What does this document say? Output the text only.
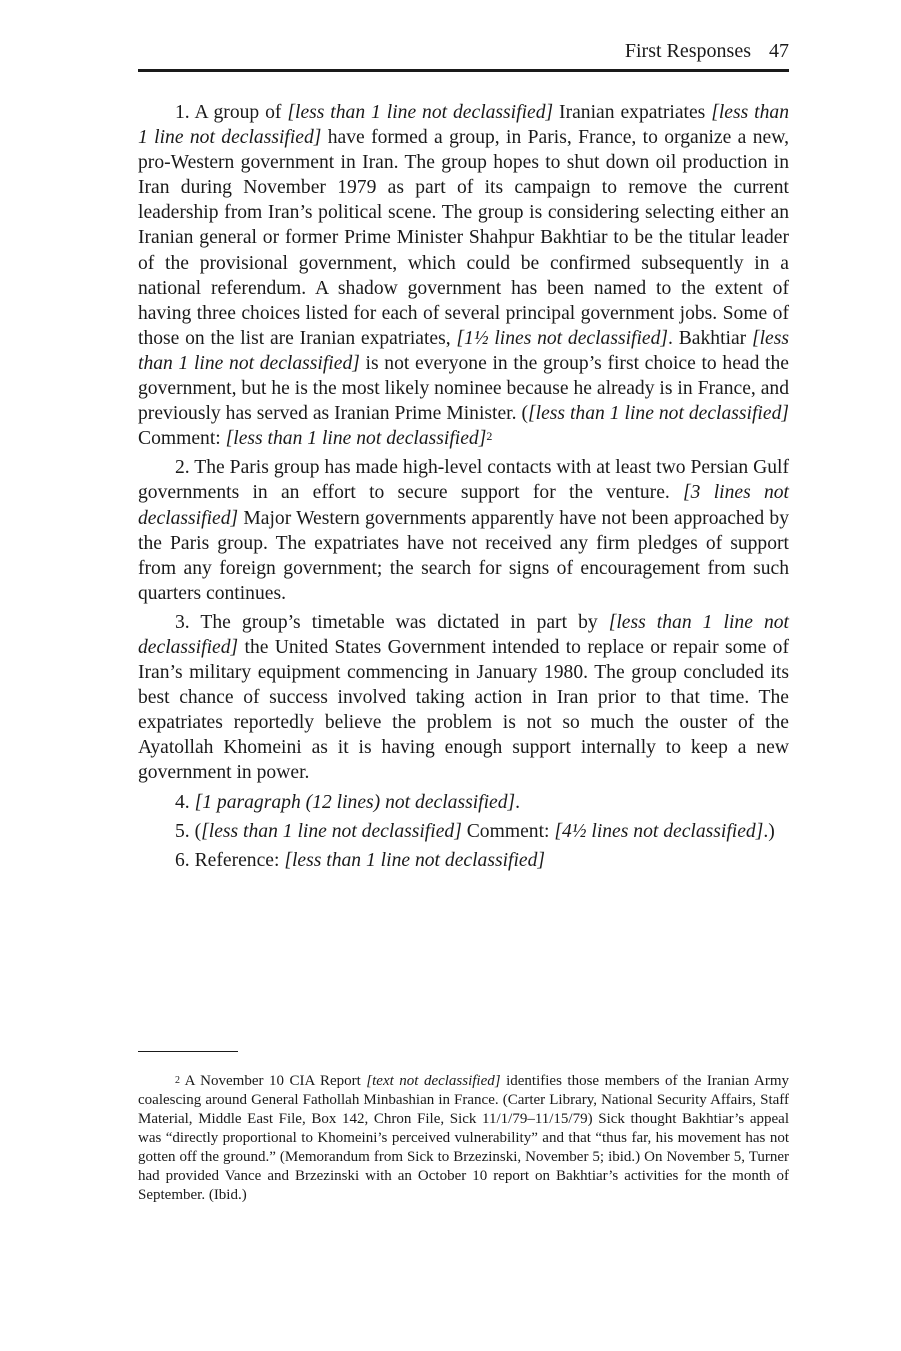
First Responses 47

1. A group of [less than 1 line not declassified] Iranian expatriates [less than 1 line not declassified] have formed a group, in Paris, France, to organize a new, pro-Western government in Iran. The group hopes to shut down oil production in Iran during November 1979 as part of its campaign to remove the current leadership from Iran’s political scene. The group is considering selecting either an Iranian general or former Prime Minister Shahpur Bakhtiar to be the titular leader of the provisional government, which could be confirmed subsequently in a national referendum. A shadow government has been named to the extent of having three choices listed for each of several principal government jobs. Some of those on the list are Iranian expatriates, [1½ lines not declassified]. Bakhtiar [less than 1 line not declassified] is not everyone in the group’s first choice to head the government, but he is the most likely nominee because he already is in France, and previously has served as Iranian Prime Minister. ([less than 1 line not declassified] Comment: [less than 1 line not declassified]$^2$

2. The Paris group has made high-level contacts with at least two Persian Gulf governments in an effort to secure support for the venture. [3 lines not declassified] Major Western governments apparently have not been approached by the Paris group. The expatriates have not received any firm pledges of support from any foreign government; the search for signs of encouragement from such quarters continues.

3. The group’s timetable was dictated in part by [less than 1 line not declassified] the United States Government intended to replace or repair some of Iran’s military equipment commencing in January 1980. The group concluded its best chance of success involved taking action in Iran prior to that time. The expatriates reportedly believe the problem is not so much the ouster of the Ayatollah Khomeini as it is having enough support internally to keep a new government in power.

4. [1 paragraph (12 lines) not declassified].

5. ([less than 1 line not declassified] Comment: [4½ lines not declassified].)

6. Reference: [less than 1 line not declassified]

$^2$ A November 10 CIA Report [text not declassified] identifies those members of the Iranian Army coalescing around General Fathollah Minbashian in France. (Carter Library, National Security Affairs, Staff Material, Middle East File, Box 142, Chron File, Sick 11/1/79–11/15/79) Sick thought Bakhtiar’s appeal was “directly proportional to Khomeini’s perceived vulnerability” and that “thus far, his movement has not gotten off the ground.” (Memorandum from Sick to Brzezinski, November 5; ibid.) On November 5, Turner had provided Vance and Brzezinski with an October 10 report on Bakhtiar’s activities for the month of September. (Ibid.)
